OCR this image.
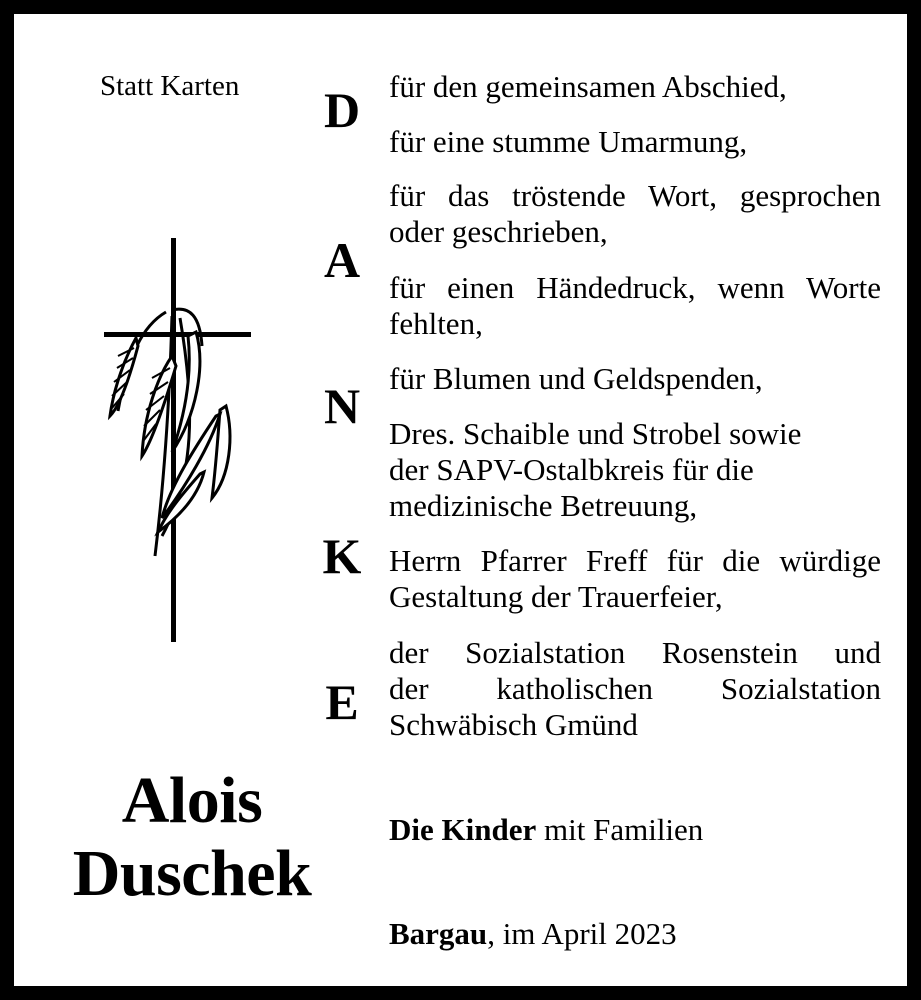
Statt Karten
Alois
Duschek
D
A
N
K
E
für den gemeinsamen Abschied,
für eine stumme Umarmung,
für das tröstende Wort, gesprochen
oder geschrieben,
für einen Händedruck, wenn Worte
fehlten,
für Blumen und Geldspenden,
Dres. Schaible und Strobel sowie
der SAPV-Ostalbkreis für die
medizinische Betreuung,
Herrn Pfarrer Freff für die würdige
Gestaltung der Trauerfeier,
der Sozialstation Rosenstein und
der katholischen Sozialstation
Schwäbisch Gmünd
Die Kinder mit Familien
Bargau, im April 2023
